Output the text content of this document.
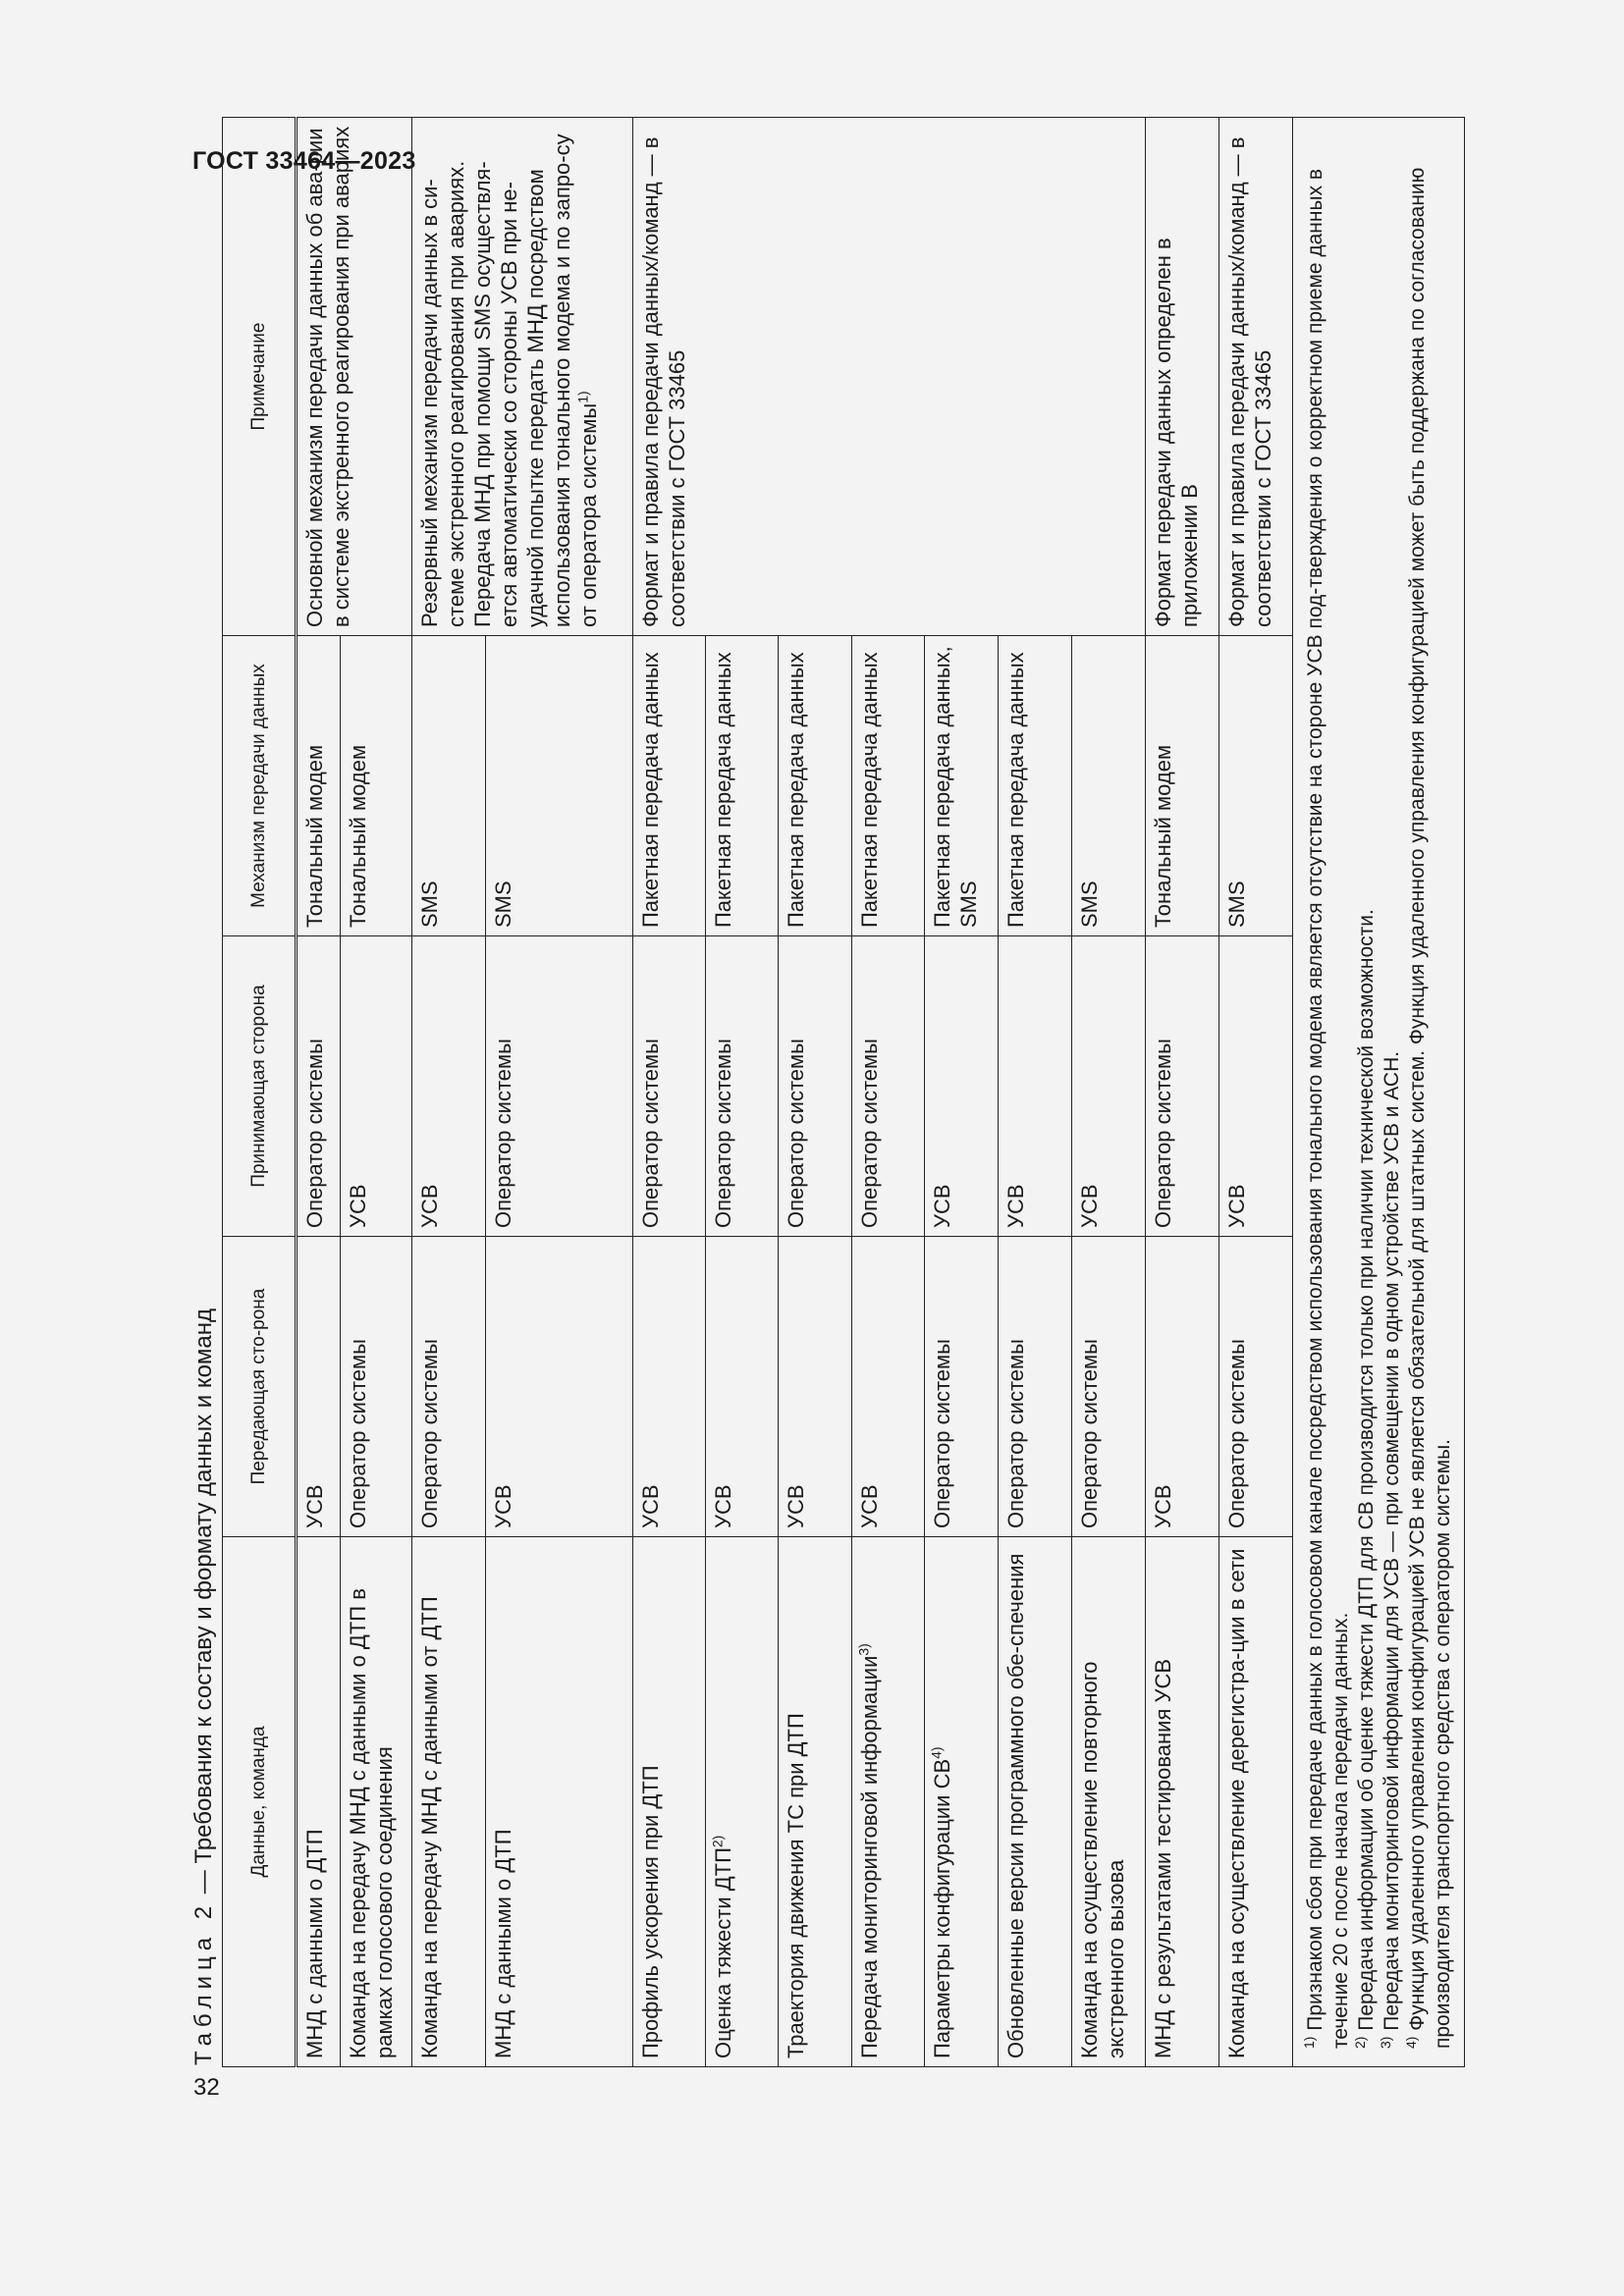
ГОСТ 33464—2023
32
Таблица 2 — Требования к составу и формату данных и команд Данные, команда	Передающая сто-рона	Принимающая сторона	Механизм передачи данных	Примечание
МНД с данными о ДТП	УСВ	Оператор системы	Тональный модем	Основной механизм передачи данных об ава-рии в системе экстренного реагирования при авариях
Команда на передачу МНД с данными о ДТП в рамках голосового соединения	Оператор системы	УСВ	Тональный модем	
Команда на передачу МНД с данными от ДТП	Оператор системы	УСВ	SMS	Резервный механизм передачи данных в си-стеме экстренного реагирования при авариях. Передача МНД при помощи SMS осуществля-ется автоматически со стороны УСВ при не-удачной попытке передать МНД посредством использования тонального модема и по запро-су от оператора системы$^{1)}$
МНД с данными о ДТП	УСВ	Оператор системы	SMS	
Профиль ускорения при ДТП	УСВ	Оператор системы	Пакетная передача данных	Формат и правила передачи данных/команд — в соответствии с ГОСТ 33465
Оценка тяжести ДТП$^{2)}$	УСВ	Оператор системы	Пакетная передача данных	
Траектория движения ТС при ДТП	УСВ	Оператор системы	Пакетная передача данных	
Передача мониторинговой информации$^{3)}$	УСВ	Оператор системы	Пакетная передача данных	
Параметры конфигурации СВ$^{4)}$	Оператор системы	УСВ	Пакетная передача данных, SMS	
Обновленные версии программного обе-спечения	Оператор системы	УСВ	Пакетная передача данных	
Команда на осуществление повторного экстренного вызова	Оператор системы	УСВ	SMS	
МНД с результатами тестирования УСВ	УСВ	Оператор системы	Тональный модем	Формат передачи данных определен в приложении В
Команда на осуществление дерегистра-ции в сети	Оператор системы	УСВ	SMS	Формат и правила передачи данных/команд — в соответствии с ГОСТ 33465

$^{1)}$ Признаком сбоя при передаче данных в голосовом канале посредством использования тонального модема является отсутствие на стороне УСВ под-тверждения о корректном приеме данных в течение 20 с после начала передачи данных. $^{2)}$ Передача информации об оценке тяжести ДТП для СВ производится только при наличии технической возможности.

$^{3)}$ Передача мониторинговой информации для УСВ — при совмещении в одном устройстве УСВ и АСН.

$^{4)}$ Функция удаленного управления конфигурацией УСВ не является обязательной для штатных систем. Функция удаленного управления конфигурацией может быть поддержана по согласованию производителя транспортного средства с оператором системы.				
